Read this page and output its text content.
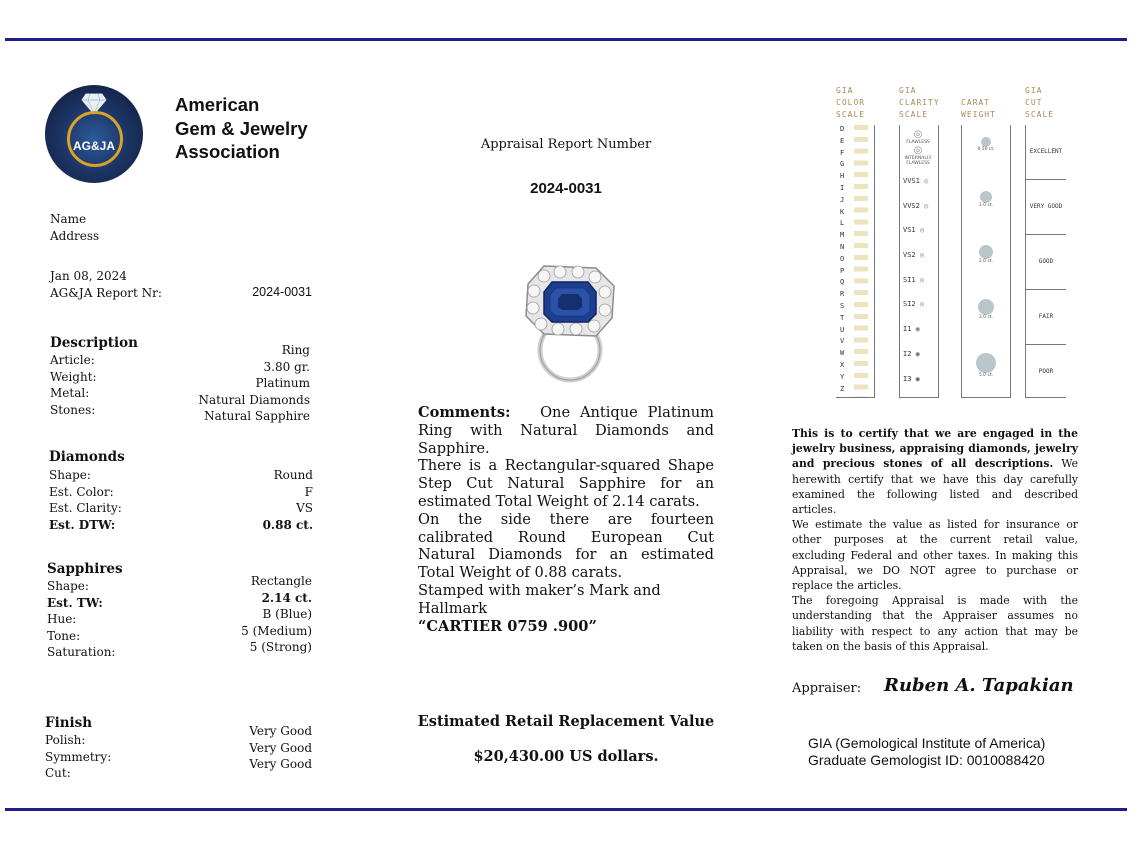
AG&JA
American
Gem & Jewelry
Association
Name
Address
Jan 08, 2024
AG&JA Report Nr:	2024-0031
Description
Article:
Weight:
Metal:
Stones:
Ring
3.80 gr.
Platinum
Natural Diamonds
Natural Sapphire
Diamonds
Shape:
Est. Color:
Est. Clarity:
Est. DTW:
Round
F
VS
0.88 ct.
Sapphires
Shape:
Est. TW:
Hue:
Tone:
Saturation:
Rectangle
2.14 ct.
B (Blue)
5 (Medium)
5 (Strong)
Finish
Polish:
Symmetry:
Cut:
Very Good
Very Good
Very Good
Appraisal Report Number
2024-0031
Comments: One Antique Platinum Ring with Natural Diamonds and Sapphire.
There is a Rectangular-squared Shape Step Cut Natural Sapphire for an estimated Total Weight of 2.14 carats.
On the side there are fourteen calibrated Round European Cut Natural Diamonds for an estimated Total Weight of 0.88 carats.
Stamped with maker’s Mark and Hallmark
“CARTIER 0759 .900”
Estimated Retail Replacement Value
$20,430.00 US dollars.
GIA
COLOR
SCALE
GIA
CLARITY
SCALE
CARAT
WEIGHT
GIA
CUT
SCALE
D
E
F
G
H
I
J
K
L
M
N
O
P
Q
R
S
T
U
V
W
X
Y
Z
◎
FLAWLESS
◎
INTERNALLY FLAWLESS
VVS1 ◎
VVS2 ◎
VS1 ◎
VS2 ◎
SI1 ◎
SI2 ◎
I1 ◉
I2 ◉
I3 ◉
0.50 ct.
1.0 ct.
2.0 ct.
3.0 ct.
5.0 ct.
EXCELLENT
VERY GOOD
GOOD
FAIR
POOR
This is to certify that we are engaged in the jewelry business, appraising diamonds, jewelry and precious stones of all descriptions. We herewith certify that we have this day carefully examined the following listed and described articles.
We estimate the value as listed for insurance or other purposes at the current retail value, excluding Federal and other taxes. In making this Appraisal, we DO NOT agree to purchase or replace the articles.
The foregoing Appraisal is made with the understanding that the Appraiser assumes no liability with respect to any action that may be taken on the basis of this Appraisal.
Appraiser: Ruben A. Tapakian
GIA (Gemological Institute of America)
Graduate Gemologist ID: 0010088420
